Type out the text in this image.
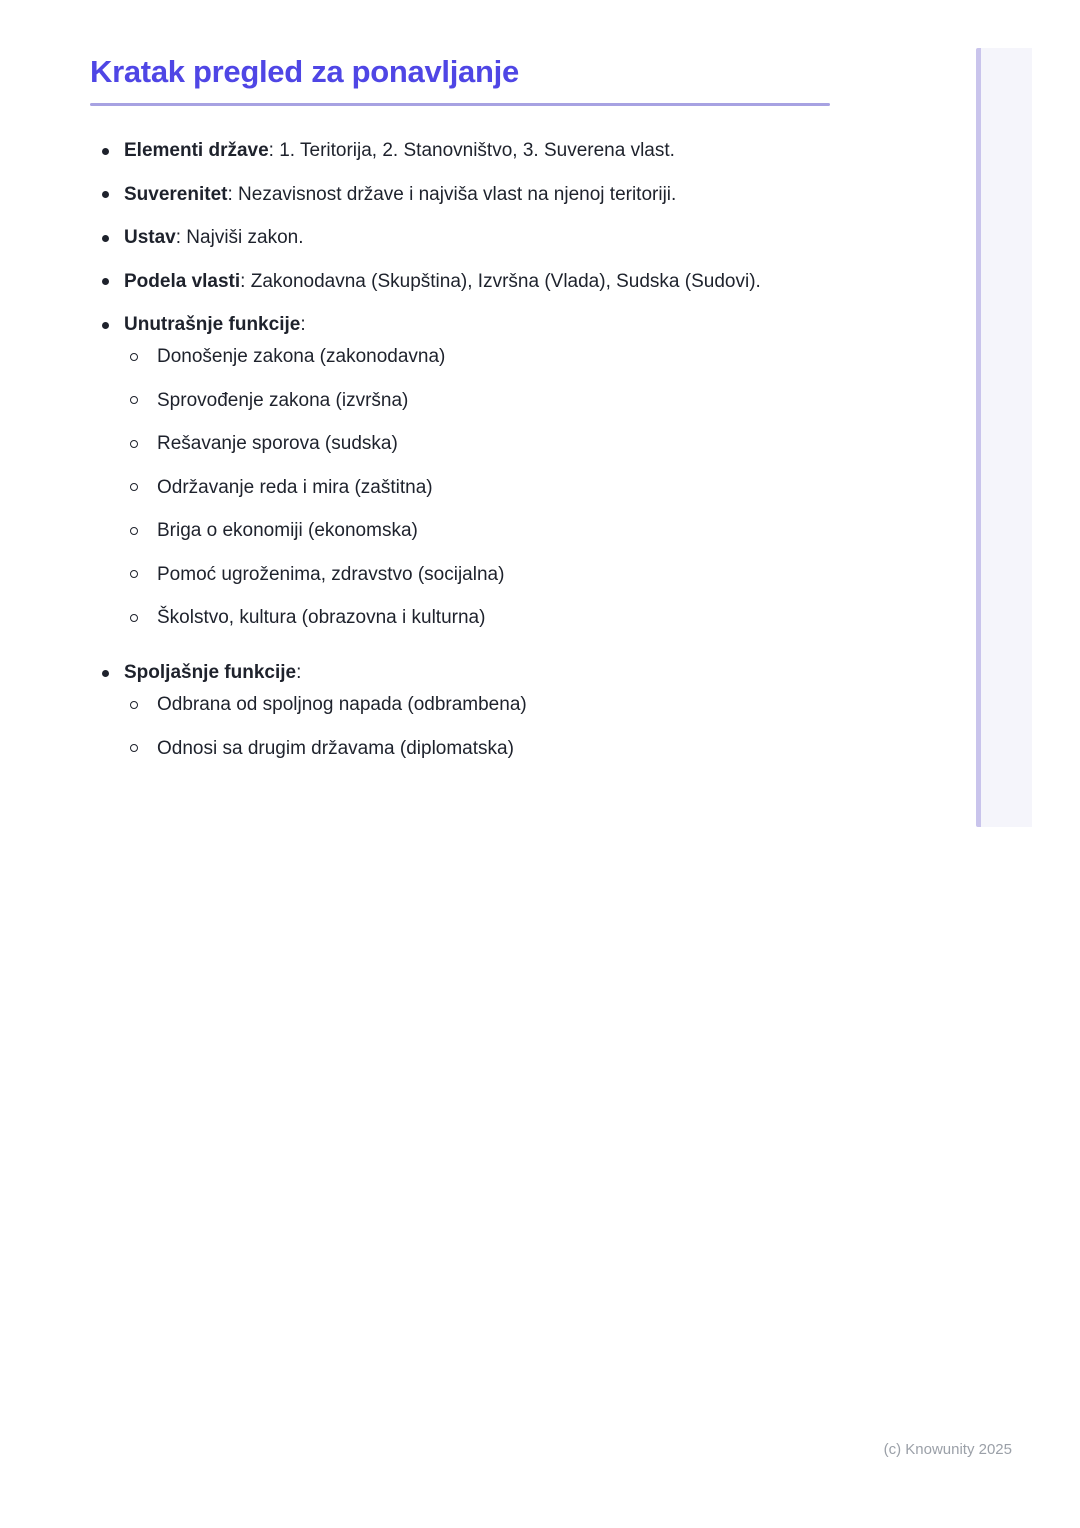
Kratak pregled za ponavljanje
Elementi države: 1. Teritorija, 2. Stanovništvo, 3. Suverena vlast.
Suverenitet: Nezavisnost države i najviša vlast na njenoj teritoriji.
Ustav: Najviši zakon.
Podela vlasti: Zakonodavna (Skupština), Izvršna (Vlada), Sudska (Sudovi).
Unutrašnje funkcije:
Donošenje zakona (zakonodavna)
Sprovođenje zakona (izvršna)
Rešavanje sporova (sudska)
Održavanje reda i mira (zaštitna)
Briga o ekonomiji (ekonomska)
Pomoć ugroženima, zdravstvo (socijalna)
Školstvo, kultura (obrazovna i kulturna)
Spoljašnje funkcije:
Odbrana od spoljnog napada (odbrambena)
Odnosi sa drugim državama (diplomatska)
(c) Knowunity 2025
